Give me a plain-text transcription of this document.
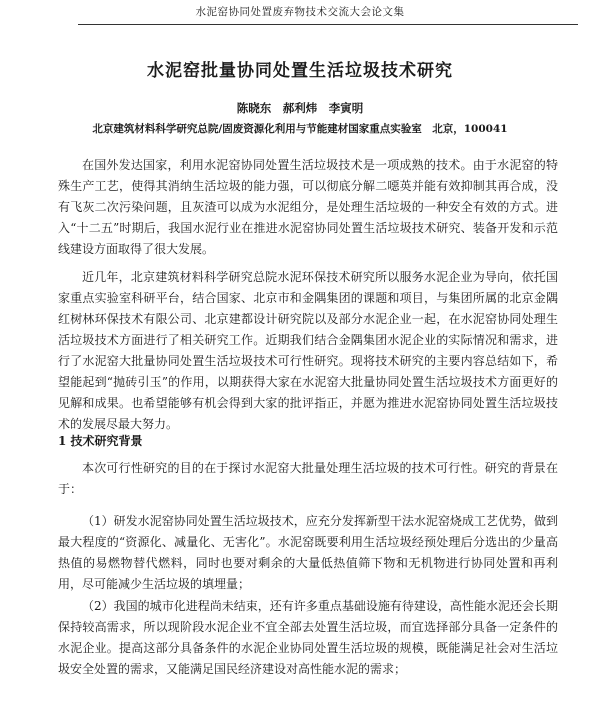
水泥窑协同处置废弃物技术交流大会论文集
水泥窑批量协同处置生活垃圾技术研究
陈晓东　郝利炜　李寅明
北京建筑材料科学研究总院/固废资源化利用与节能建材国家重点实验室　北京，100041

在国外发达国家，利用水泥窑协同处置生活垃圾技术是一项成熟的技术。由于水泥窑的特殊生产工艺，使得其消纳生活垃圾的能力强，可以彻底分解二噁英并能有效抑制其再合成，没有飞灰二次污染问题，且灰渣可以成为水泥组分，是处理生活垃圾的一种安全有效的方式。进入“十二五”时期后，我国水泥行业在推进水泥窑协同处置生活垃圾技术研究、装备开发和示范线建设方面取得了很大发展。

近几年，北京建筑材料科学研究总院水泥环保技术研究所以服务水泥企业为导向，依托国家重点实验室科研平台，结合国家、北京市和金隅集团的课题和项目，与集团所属的北京金隅红树林环保技术有限公司、北京建都设计研究院以及部分水泥企业一起，在水泥窑协同处理生活垃圾技术方面进行了相关研究工作。近期我们结合金隅集团水泥企业的实际情况和需求，进行了水泥窑大批量协同处置生活垃圾技术可行性研究。现将技术研究的主要内容总结如下，希望能起到“抛砖引玉”的作用，以期获得大家在水泥窑大批量协同处置生活垃圾技术方面更好的见解和成果。也希望能够有机会得到大家的批评指正，并愿为推进水泥窑协同处置生活垃圾技术的发展尽最大努力。

1 技术研究背景

本次可行性研究的目的在于探讨水泥窑大批量处理生活垃圾的技术可行性。研究的背景在于：

（1）研发水泥窑协同处置生活垃圾技术，应充分发挥新型干法水泥窑烧成工艺优势，做到最大程度的“资源化、减量化、无害化”。水泥窑既要利用生活垃圾经预处理后分选出的少量高热值的易燃物替代燃料，同时也要对剩余的大量低热值筛下物和无机物进行协同处置和再利用，尽可能减少生活垃圾的填埋量；

（2）我国的城市化进程尚未结束，还有许多重点基础设施有待建设，高性能水泥还会长期保持较高需求，所以现阶段水泥企业不宜全部去处置生活垃圾，而宜选择部分具备一定条件的水泥企业。提高这部分具备条件的水泥企业协同处置生活垃圾的规模，既能满足社会对生活垃圾安全处置的需求，又能满足国民经济建设对高性能水泥的需求；
